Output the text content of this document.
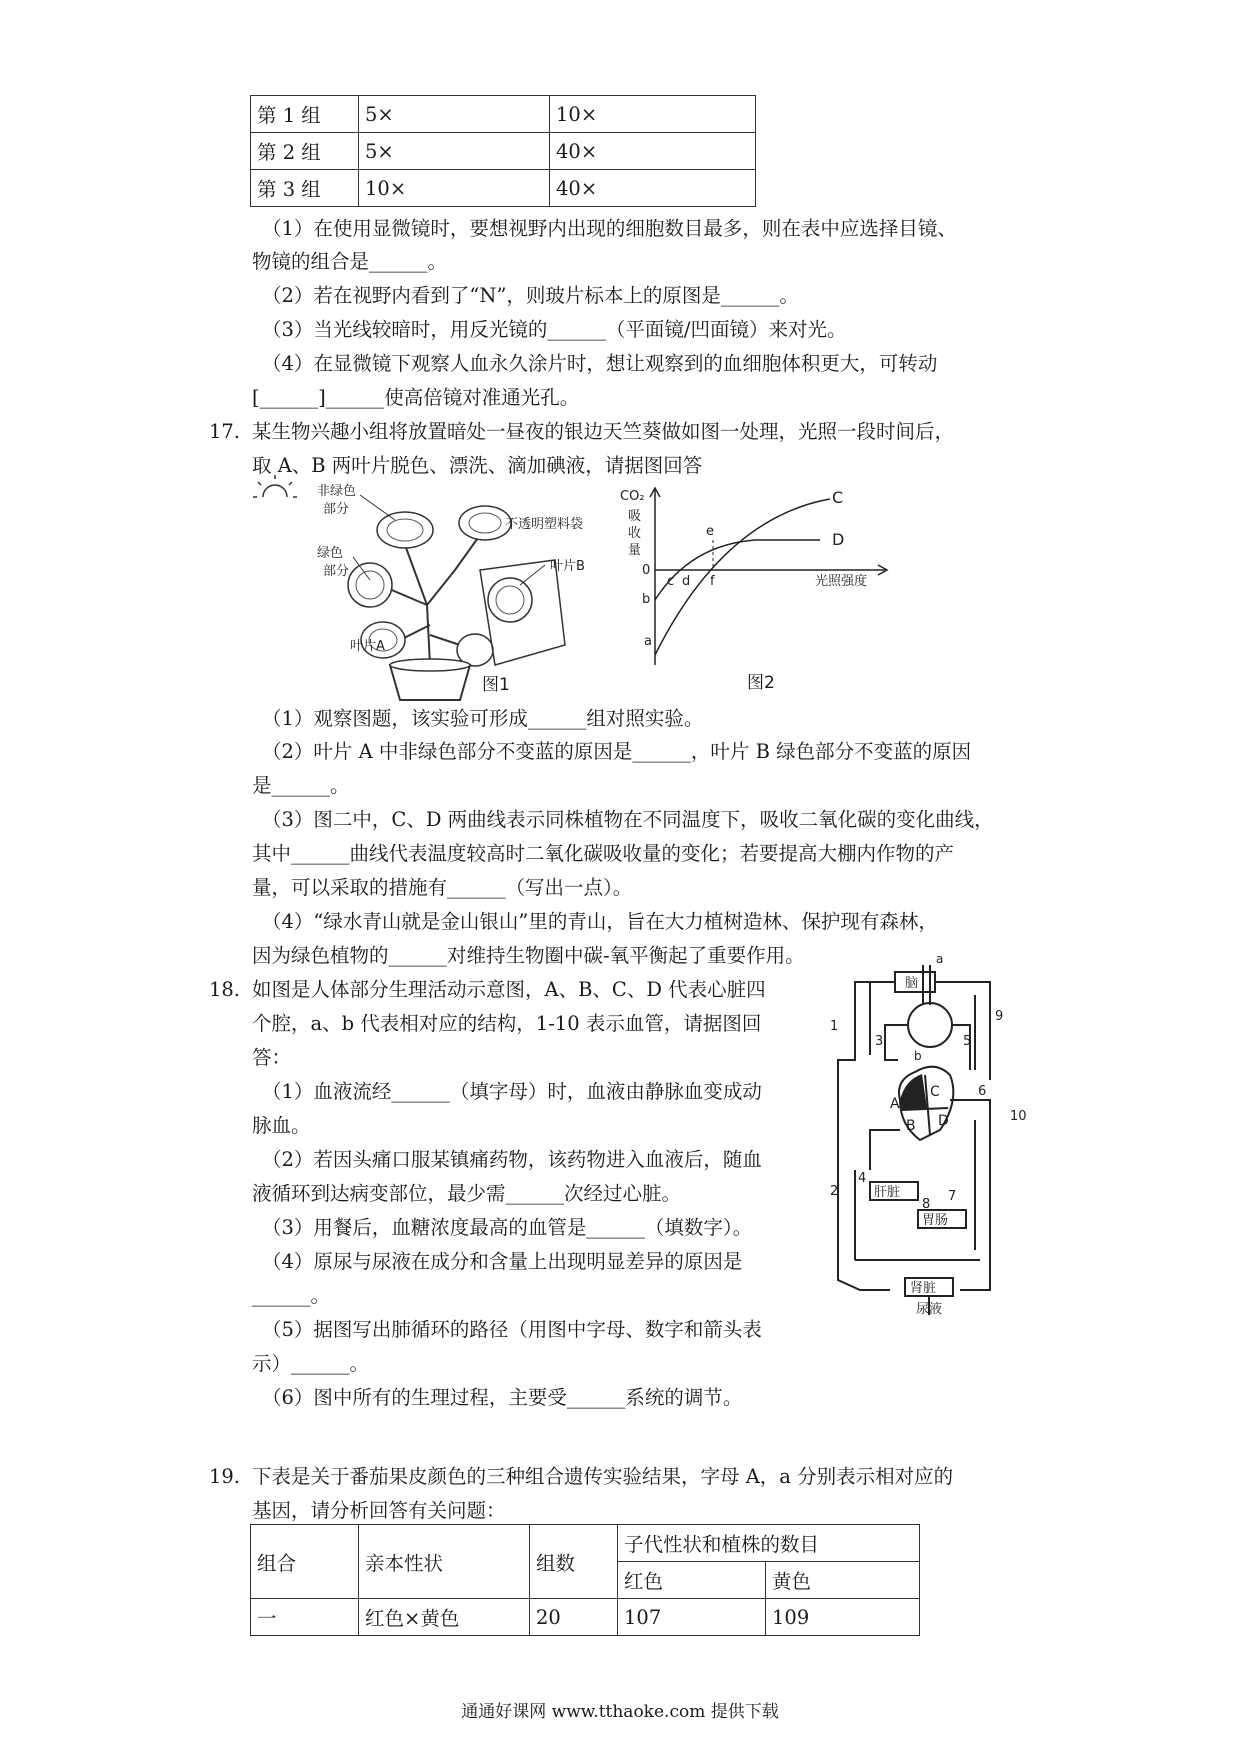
第 1 组	5×	10×
第 2 组	5×	40×
第 3 组	10×	40×
（1）在使用显微镜时，要想视野内出现的细胞数目最多，则在表中应选择目镜、
物镜的组合是______。
（2）若在视野内看到了“N”，则玻片标本上的原图是______。
（3）当光线较暗时，用反光镜的______（平面镜/凹面镜）来对光。
（4）在显微镜下观察人血永久涂片时，想让观察到的血细胞体积更大，可转动
[______]______使高倍镜对准通光孔。
17. 某生物兴趣小组将放置暗处一昼夜的银边天竺葵做如图一处理，光照一段时间后，
取 A、B 两叶片脱色、漂洗、滴加碘液，请据图回答
非绿色
部分
绿色
部分
叶片A
不透明塑料袋
叶片B
图1
CO₂
吸
收
量
光照强度
C
D
0
a
b
c d
e
f
图2
（1）观察图题，该实验可形成______组对照实验。
（2）叶片 A 中非绿色部分不变蓝的原因是______，叶片 B 绿色部分不变蓝的原因
是______。
（3）图二中，C、D 两曲线表示同株植物在不同温度下，吸收二氧化碳的变化曲线，
其中______曲线代表温度较高时二氧化碳吸收量的变化；若要提高大棚内作物的产
量，可以采取的措施有______（写出一点）。
（4）“绿水青山就是金山银山”里的青山，旨在大力植树造林、保护现有森林，
因为绿色植物的______对维持生物圈中碳-氧平衡起了重要作用。
18. 如图是人体部分生理活动示意图，A、B、C、D 代表心脏四
个腔，a、b 代表相对应的结构，1-10 表示血管，请据图回
答：
（1）血液流经______（填字母）时，血液由静脉血变成动
脉血。
（2）若因头痛口服某镇痛药物，该药物进入血液后，随血
液循环到达病变部位，最少需______次经过心脏。
（3）用餐后，血糖浓度最高的血管是______（填数字）。
（4）原尿与尿液在成分和含量上出现明显差异的原因是
______。
（5）据图写出肺循环的路径（用图中字母、数字和箭头表
示）______。
（6）图中所有的生理过程，主要受______系统的调节。
脑
肝脏
胃肠
肾脏
尿液
A
B
C
D
a
b
1
2
3
4
5
6
7
8
9
10
19. 下表是关于番茄果皮颜色的三种组合遗传实验结果，字母 A，a 分别表示相对应的
基因，请分析回答有关问题：
组合	亲本性状	组数	子代性状和植株的数目	
			红色	黄色
一	红色×黄色	20	107	109
通通好课网 www.tthaoke.com 提供下载
